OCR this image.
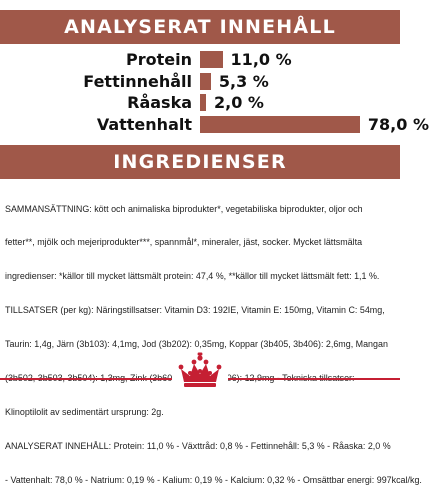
ANALYSERAT INNEHÅLL
Protein 11,0 %
Fettinnehåll 5,3 %
Råaska 2,0 %
Vattenhalt	78,0 %
INGREDIENSER

SAMMANSÄTTNING: kött och animaliska biprodukter*, vegetabiliska biprodukter, oljor och

fetter**, mjölk och mejeriprodukter***, spannmål*, mineraler, jäst, socker. Mycket lättsmälta

ingredienser: *källor till mycket lättsmält protein: 47,4 %, **källor till mycket lättsmält fett: 1,1 %.

TILLSATSER (per kg): Näringstillsatser: Vitamin D3: 192IE, Vitamin E: 150mg, Vitamin C: 54mg,

Taurin: 1,4g, Järn (3b103): 4,1mg, Jod (3b202): 0,35mg, Koppar (3b405, 3b406): 2,6mg, Mangan

Klinoptilolit av sedimentärt ursprung: 2g.

ANALYSERAT INNEHÅLL: Protein: 11,0 % - Växttråd: 0,8 % - Fettinnehåll: 5,3 % - Råaska: 2,0 %

- Vattenhalt: 78,0 % - Natrium: 0,19 % - Kalium: 0,19 % - Kalcium: 0,32 % - Omsättbar energi: 997kcal/kg.
